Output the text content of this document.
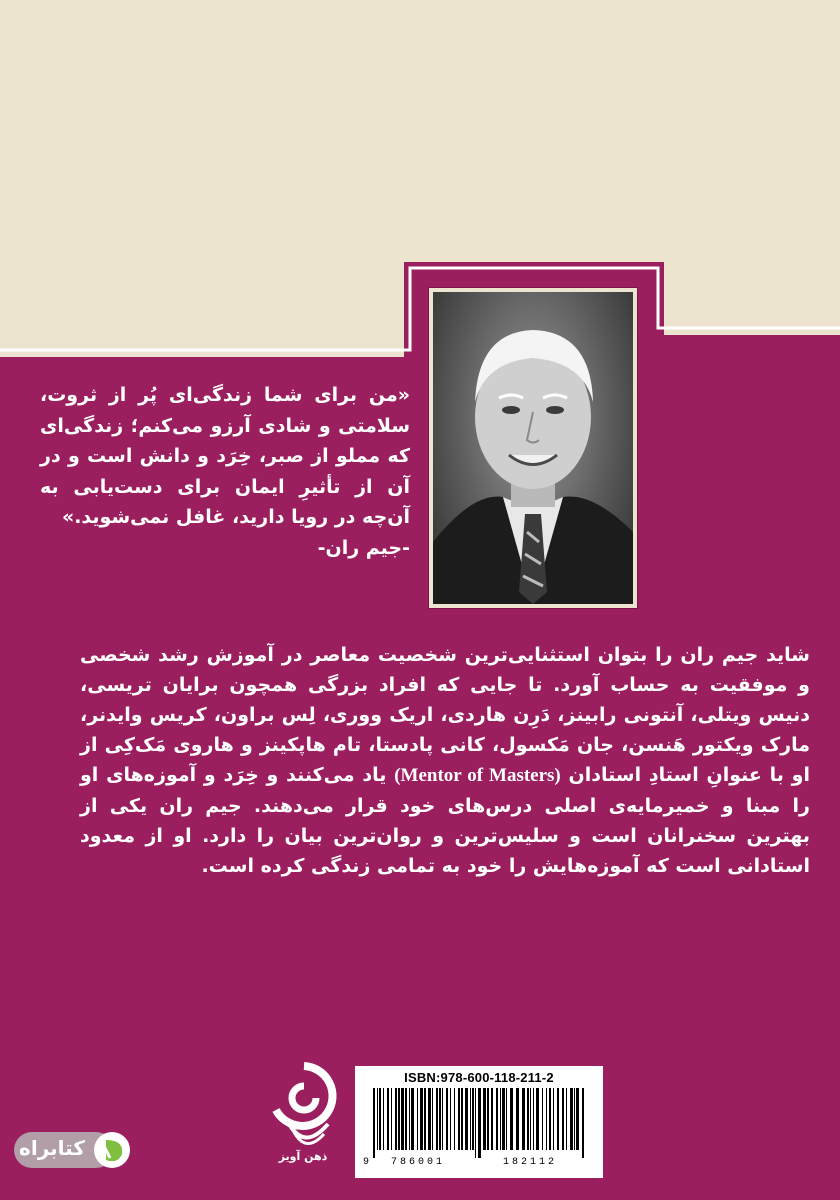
«من برای شما زندگی‌ای پُر از ثروت، سلامتی و شادی آرزو می‌کنم؛ زندگی‌ای که مملو از صبر، خِرَد و دانش است و در آن از تأثیرِ ایمان برای دست‌یابی به آن‌چه در رویا دارید، غافل نمی‌شوید.»
-جیم ران-
شاید جیم ران را بتوان استثنایی‌ترین شخصیت معاصر در آموزش رشد شخصی و موفقیت به حساب آورد. تا جایی که افراد بزرگی همچون برایان تریسی، دنیس ویتلی، آنتونی رابینز، دَرِن هاردی، اریک ووری، لِس براون، کریس وایدنر، مارک ویکتور هَنسن، جان مَکسول، کانی پادستا، تام هاپکینز و هاروی مَک‌کِی از او با عنوانِ استادِ استادان (Mentor of Masters) یاد می‌کنند و خِرَد و آموزه‌های او را مبنا و خمیرمایه‌ی اصلی درس‌های خود قرار می‌دهند. جیم ران یکی از بهترین سخنرانان است و سلیس‌ترین و روان‌ترین بیان را دارد. او از معدود استادانی است که آموزه‌هایش را خود به تمامی زندگی کرده است.
ذهن آویز
ISBN:978-600-118-211-2
9 786001	182112
کتابراه
